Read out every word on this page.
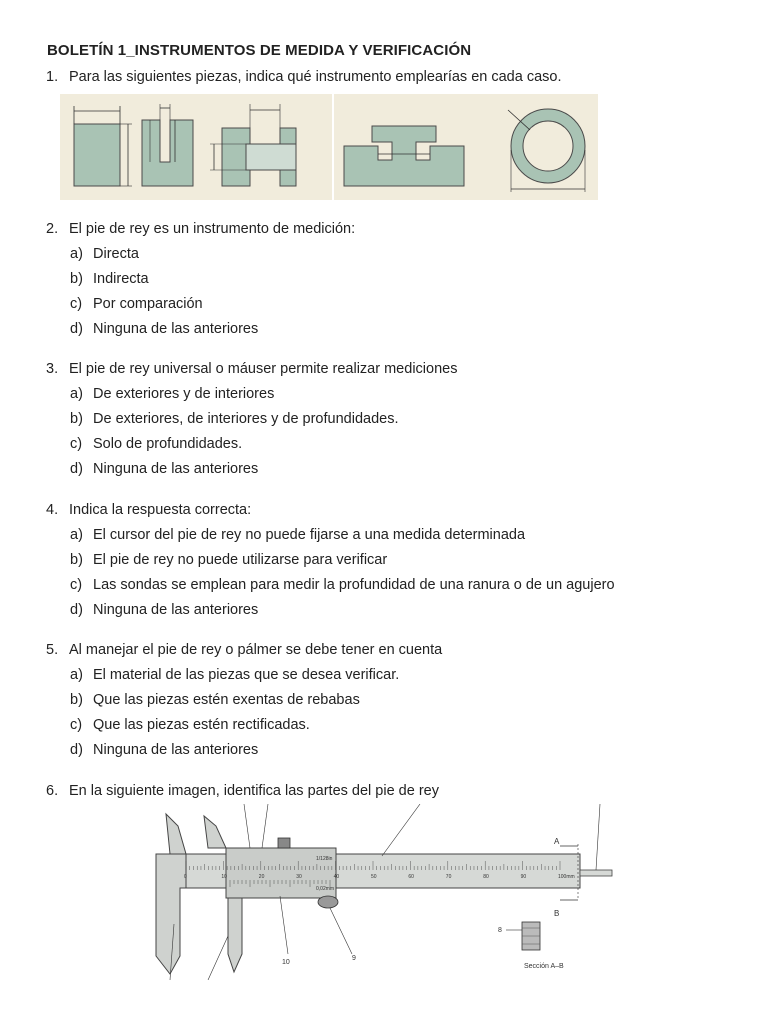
BOLETÍN 1_INSTRUMENTOS DE MEDIDA Y VERIFICACIÓN
1. Para las siguientes piezas, indica qué instrumento emplearías en cada caso.
2. El pie de rey es un instrumento de medición:
a) Directa
b) Indirecta
c) Por comparación
d) Ninguna de las anteriores
3. El pie de rey universal o máuser permite realizar mediciones
a) De exteriores y de interiores
b) De exteriores, de interiores y de profundidades.
c) Solo de profundidades.
d) Ninguna de las anteriores
4. Indica la respuesta correcta:
a) El cursor del pie de rey no puede fijarse a una medida determinada
b) El pie de rey no puede utilizarse para verificar
c) Las sondas se emplean para medir la profundidad de una ranura o de un agujero
d) Ninguna de las anteriores
5. Al manejar el pie de rey o pálmer se debe tener en cuenta
a) El material de las piezas que se desea verificar.
b) Que las piezas estén exentas de rebabas
c) Que las piezas estén rectificadas.
d) Ninguna de las anteriores
6. En la siguiente imagen, identifica las partes del pie de rey
0	10	20	30	40	50	60	70	80	90	100mm
1/128in
0,02mm
A
B
8
Sección A–B
10
9
